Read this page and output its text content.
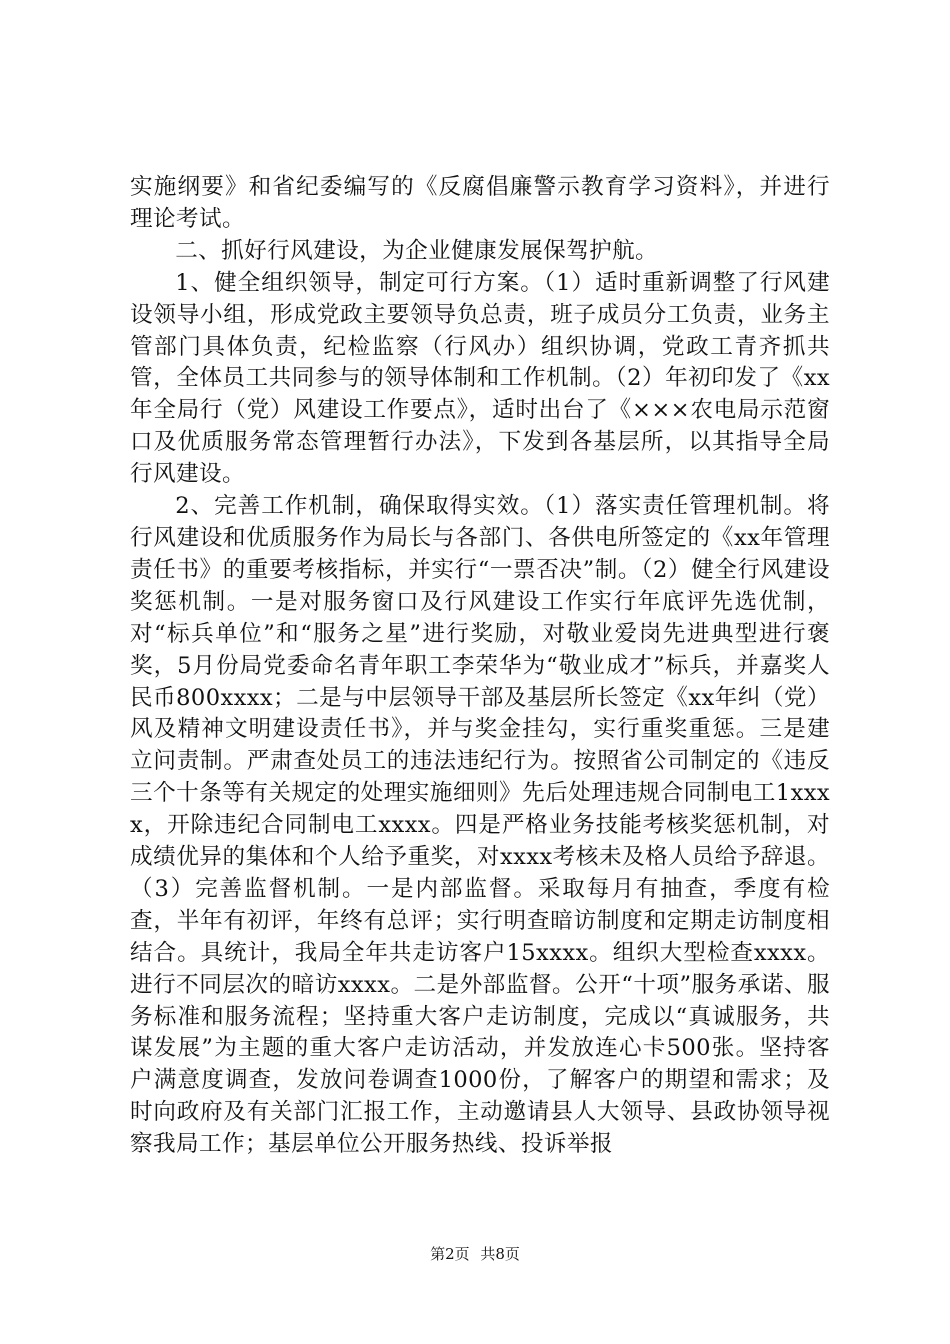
实施纲要》和省纪委编写的《反腐倡廉警示教育学习资料》，并进行理论考试。

二、抓好行风建设，为企业健康发展保驾护航。

1、健全组织领导，制定可行方案。（1）适时重新调整了行风建设领导小组，形成党政主要领导负总责，班子成员分工负责，业务主管部门具体负责，纪检监察（行风办）组织协调，党政工青齐抓共管，全体员工共同参与的领导体制和工作机制。（2）年初印发了《xx年全局行（党）风建设工作要点》，适时出台了《×××农电局示范窗口及优质服务常态管理暂行办法》，下发到各基层所，以其指导全局行风建设。

2、完善工作机制，确保取得实效。（1）落实责任管理机制。将行风建设和优质服务作为局长与各部门、各供电所签定的《xx年管理责任书》的重要考核指标，并实行“一票否决”制。（2）健全行风建设奖惩机制。一是对服务窗口及行风建设工作实行年底评先选优制，对“标兵单位”和“服务之星”进行奖励，对敬业爱岗先进典型进行褒奖，5月份局党委命名青年职工李荣华为“敬业成才”标兵，并嘉奖人民币800xxxx；二是与中层领导干部及基层所长签定《xx年纠（党）风及精神文明建设责任书》，并与奖金挂勾，实行重奖重惩。三是建立问责制。严肃查处员工的违法违纪行为。按照省公司制定的《违反三个十条等有关规定的处理实施细则》先后处理违规合同制电工1xxxx，开除违纪合同制电工xxxx。四是严格业务技能考核奖惩机制，对成绩优异的集体和个人给予重奖，对xxxx考核未及格人员给予辞退。（3）完善监督机制。一是内部监督。采取每月有抽查，季度有检查，半年有初评，年终有总评；实行明查暗访制度和定期走访制度相结合。具统计，我局全年共走访客户15xxxx。组织大型检查xxxx。进行不同层次的暗访xxxx。二是外部监督。公开“十项”服务承诺、服务标准和服务流程；坚持重大客户走访制度，完成以“真诚服务，共谋发展”为主题的重大客户走访活动，并发放连心卡500张。坚持客户满意度调查，发放问卷调查1000份，了解客户的期望和需求；及时向政府及有关部门汇报工作，主动邀请县人大领导、县政协领导视察我局工作；基层单位公开服务热线、投诉举报

第2页 共8页
